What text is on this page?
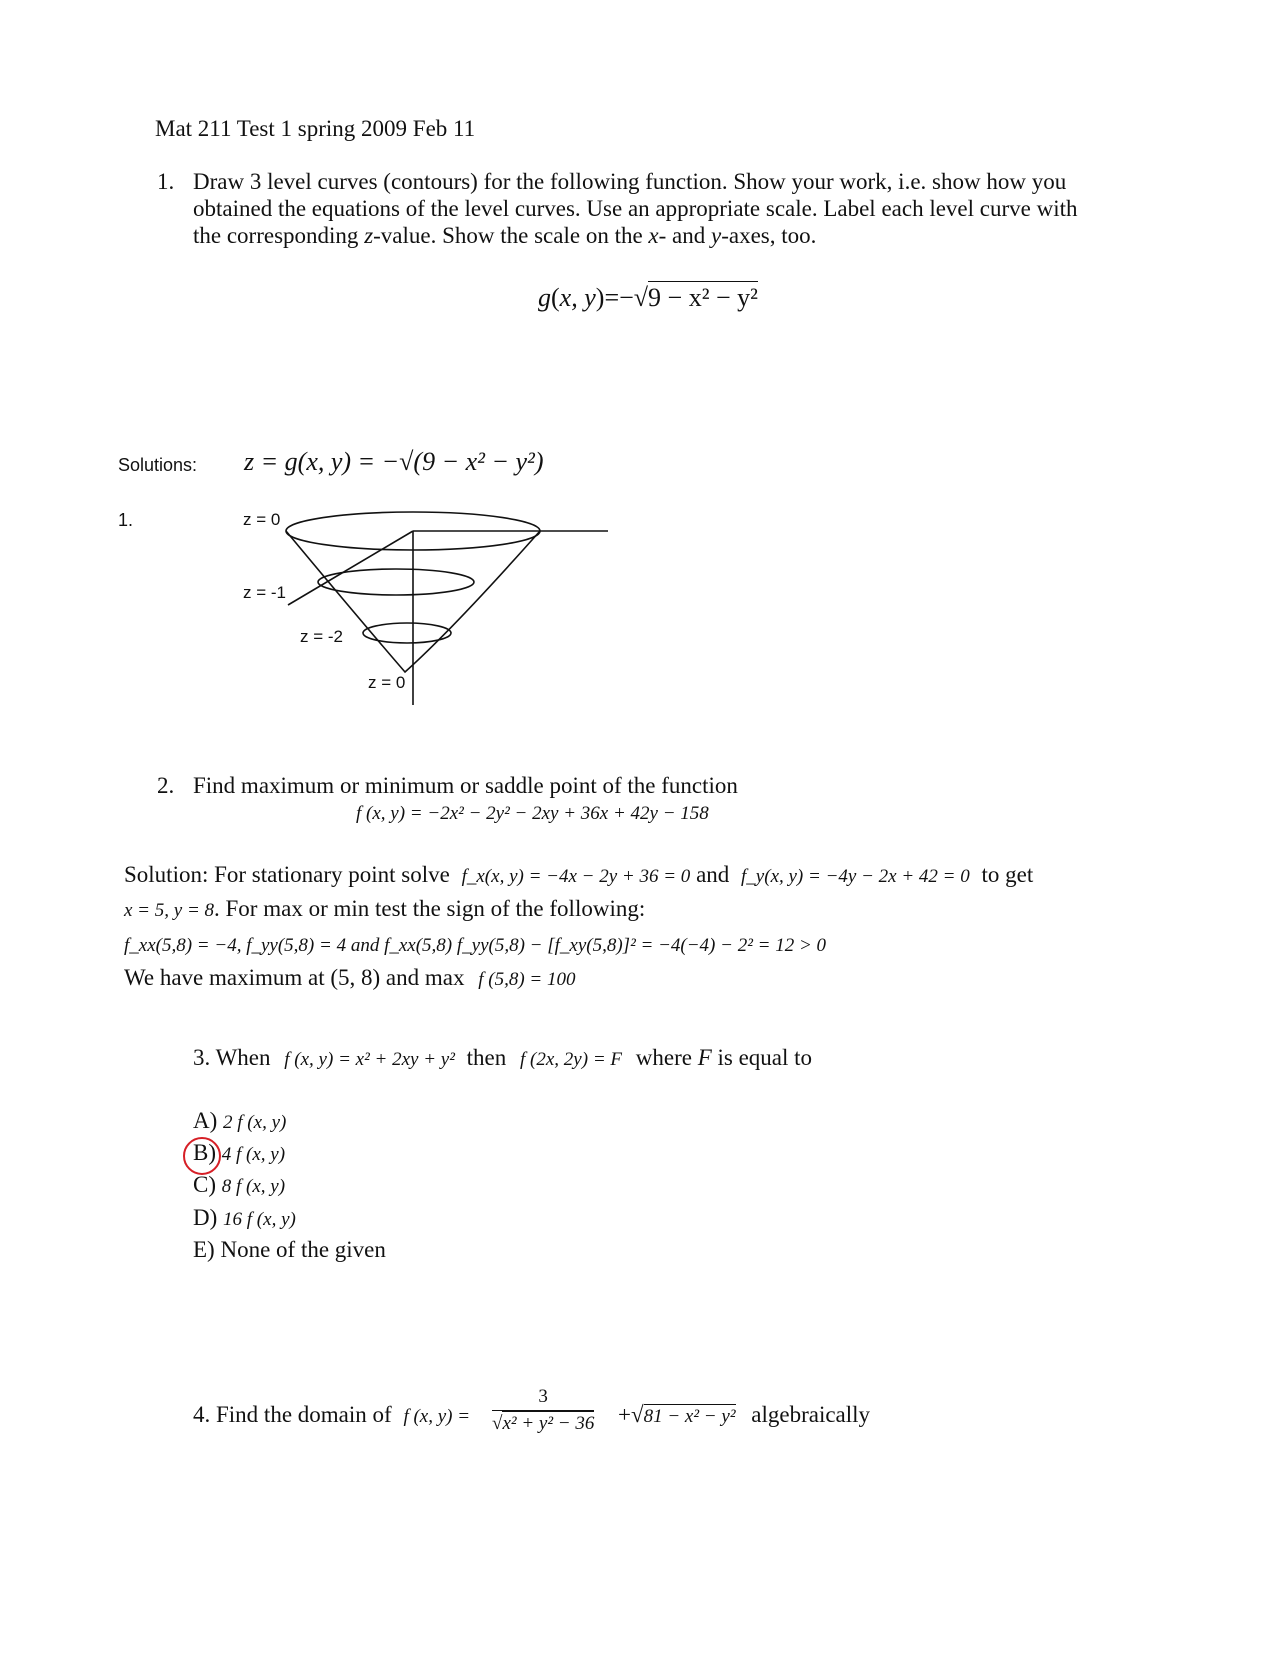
Mat 211 Test 1 spring 2009 Feb 11
1. Draw 3 level curves (contours) for the following function. Show your work, i.e. show how you
obtained the equations of the level curves. Use an appropriate scale. Label each level curve with
the corresponding z-value. Show the scale on the x- and y-axes, too.
g(x, y)=−√9 − x² − y²
Solutions: z = g(x, y) = −√(9 − x² − y²)
1.	z = 0
z = -1
z = -2
z = 0
2. Find maximum or minimum or saddle point of the function
f (x, y) = −2x² − 2y² − 2xy + 36x + 42y − 158
Solution: For stationary point solve f_x(x, y) = −4x − 2y + 36 = 0 and f_y(x, y) = −4y − 2x + 42 = 0 to get
x = 5, y = 8. For max or min test the sign of the following:
f_xx(5,8) = −4, f_yy(5,8) = 4 and f_xx(5,8) f_yy(5,8) − [f_xy(5,8)]² = −4(−4) − 2² = 12 > 0
We have maximum at (5, 8) and max f (5,8) = 100
3. When f (x, y) = x² + 2xy + y² then f (2x, 2y) = F where F is equal to
A) 2 f (x, y)
B) 4 f (x, y)
C) 8 f (x, y)
D) 16 f (x, y)
E) None of the given
4. Find the domain of f (x, $y) = \frac{3}{\text{√x² + y² − 36}} +√81 - x^2 - y^2$ algebraically
